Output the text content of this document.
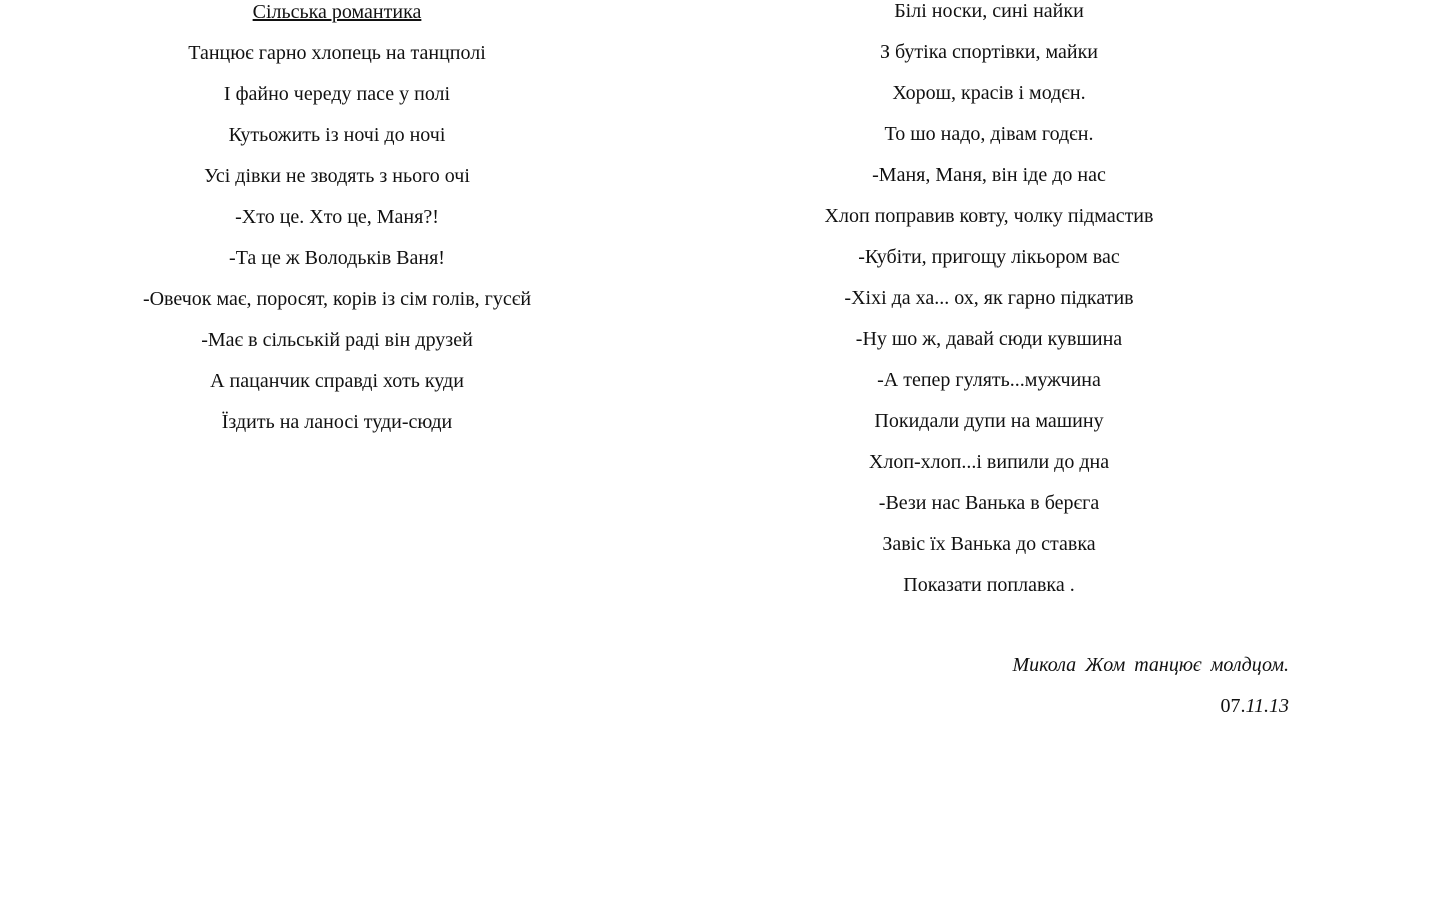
Сільська романтика
Танцює гарно хлопець на танцполі
І файно череду пасе у полі
Кутьожить із ночі до ночі
Усі дівки не зводять з нього очі
-Хто це. Хто це, Маня?!
-Та це ж Володьків Ваня!
-Овечок має, поросят, корів із сім голів, гусєй
-Має в сільській раді він друзей
А пацанчик справді хоть куди
Їздить на ланосі туди-сюди
Білі носки, сині найки
З бутіка спортівки, майки
Хорош, красів і модєн.
То шо надо, дівам годєн.
-Маня, Маня, він іде до нас
Хлоп поправив ковту, чолку підмастив
-Кубіти, пригощу лікьором вас
-Хіхі да ха... ох, як гарно підкатив
-Ну шо ж, давай сюди кувшина
-А тепер гулять...мужчина
Покидали дупи на машину
Хлоп-хлоп...і випили до дна
-Вези нас Ванька в берєга
Завіс їх Ванька до ставка
Показати поплавка .
Микола Жом танцює молдцом.
07.11.13
